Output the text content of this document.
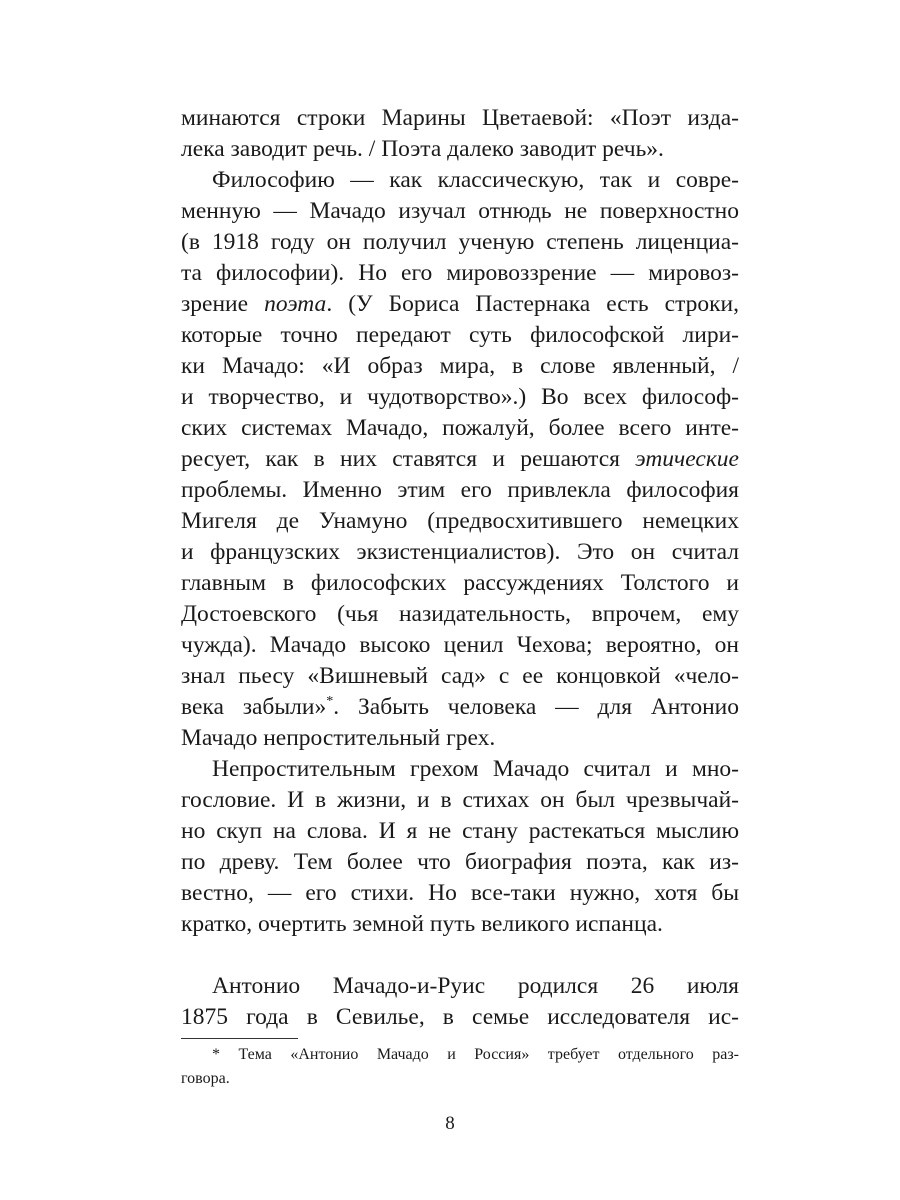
минаются строки Марины Цветаевой: «Поэт изда-
лека заводит речь. / Поэта далеко заводит речь».
Философию — как классическую, так и совре-
менную — Мачадо изучал отнюдь не поверхностно
(в 1918 году он получил ученую степень лиценциа-
та философии). Но его мировоззрение — мировоз-
зрение поэта. (У Бориса Пастернака есть строки,
которые точно передают суть философской лири-
ки Мачадо: «И образ мира, в слове явленный, /
и творчество, и чудотворство».) Во всех философ-
ских системах Мачадо, пожалуй, более всего инте-
ресует, как в них ставятся и решаются этические
проблемы. Именно этим его привлекла философия
Мигеля де Унамуно (предвосхитившего немецких
и французских экзистенциалистов). Это он считал
главным в философских рассуждениях Толстого и
Достоевского (чья назидательность, впрочем, ему
чужда). Мачадо высоко ценил Чехова; вероятно, он
знал пьесу «Вишневый сад» с ее концовкой «чело-
века забыли»*. Забыть человека — для Антонио
Мачадо непростительный грех.
Непростительным грехом Мачадо считал и мно-
гословие. И в жизни, и в стихах он был чрезвычай-
но скуп на слова. И я не стану растекаться мыслию
по древу. Тем более что биография поэта, как из-
вестно, — его стихи. Но все-таки нужно, хотя бы
кратко, очертить земной путь великого испанца.
Антонио Мачадо-и-Руис родился 26 июля
1875 года в Севилье, в семье исследователя ис-
* Тема «Антонио Мачадо и Россия» требует отдельного раз-
говора.
8
